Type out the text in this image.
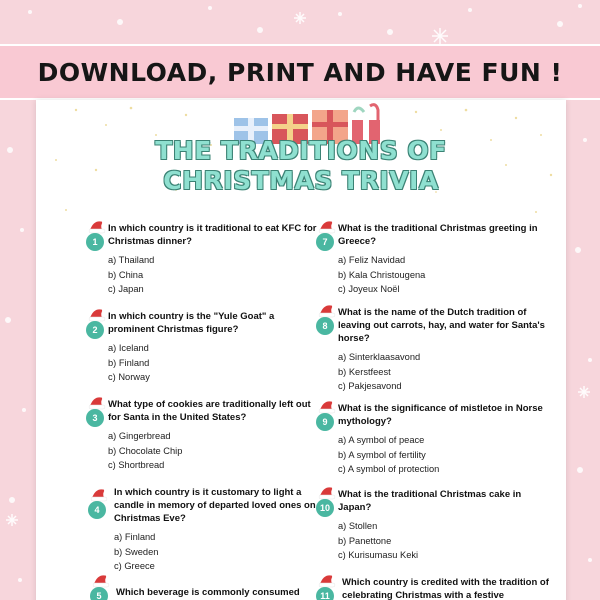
DOWNLOAD, PRINT AND HAVE FUN !
THE TRADITIONS OF
CHRISTMAS TRIVIA
1
In which country is it traditional to eat KFC for Christmas dinner?
a) Thailand
b) China
c) Japan
2
In which country is the "Yule Goat" a prominent Christmas figure?
a) Iceland
b) Finland
c) Norway
3
What type of cookies are traditionally left out for Santa in the United States?
a) Gingerbread
b) Chocolate Chip
c) Shortbread
4
In which country is it customary to light a candle in memory of departed loved ones on Christmas Eve?
a) Finland
b) Sweden
c) Greece
5	Which beverage is commonly consumed
7
What is the traditional Christmas greeting in Greece?
a) Feliz Navidad
b) Kala Christougena
c) Joyeux Noël
8
What is the name of the Dutch tradition of leaving out carrots, hay, and water for Santa's horse?
a) Sinterklaasavond
b) Kerstfeest
c) Pakjesavond
9
What is the significance of mistletoe in Norse mythology?
a) A symbol of peace
b) A symbol of fertility
c) A symbol of protection
10
What is the traditional Christmas cake in Japan?
a) Stollen
b) Panettone
c) Kurisumasu Keki
11
Which country is credited with the tradition of celebrating Christmas with a festive
